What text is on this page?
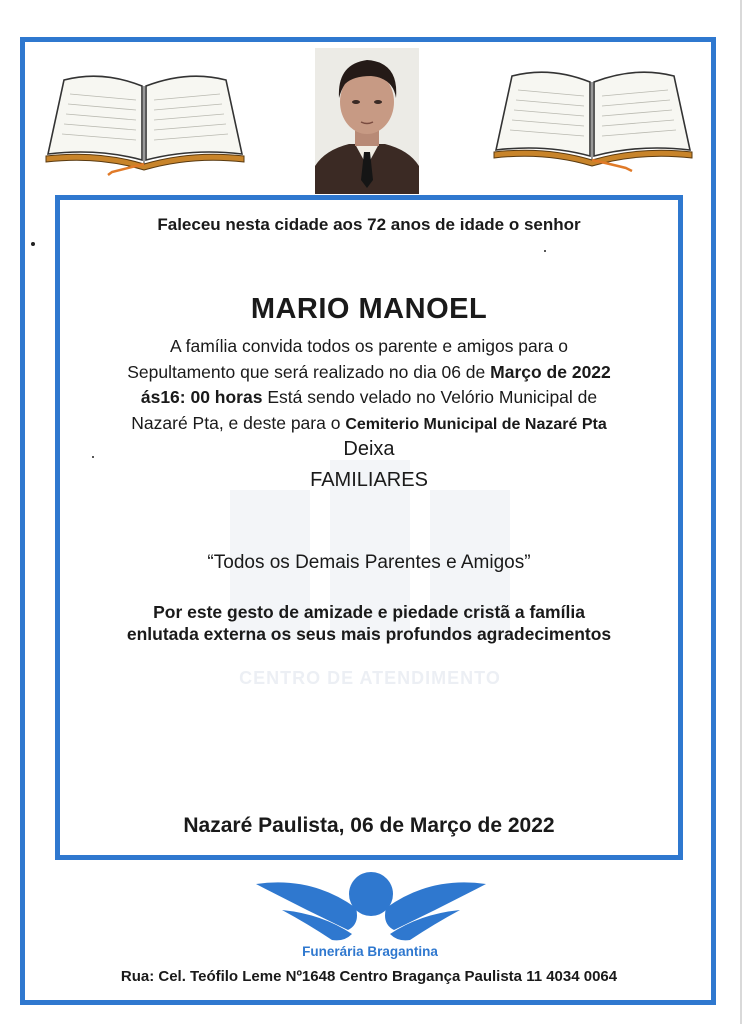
CENTRO DE ATENDIMENTO
Faleceu nesta cidade aos 72 anos de idade o senhor
MARIO MANOEL
A família convida todos os parente e amigos para o
Sepultamento que será realizado no dia 06 de Março de 2022
ás16: 00 horas Está sendo velado no Velório Municipal de
Nazaré Pta, e deste para o Cemiterio Municipal de Nazaré Pta
Deixa
FAMILIARES
“Todos os Demais Parentes e Amigos”
Por este gesto de amizade e piedade cristã a família
enlutada externa os seus mais profundos agradecimentos
Nazaré Paulista, 06 de Março de 2022
Funerária Bragantina
Rua: Cel. Teófilo Leme Nº1648 Centro Bragança Paulista 11 4034 0064
